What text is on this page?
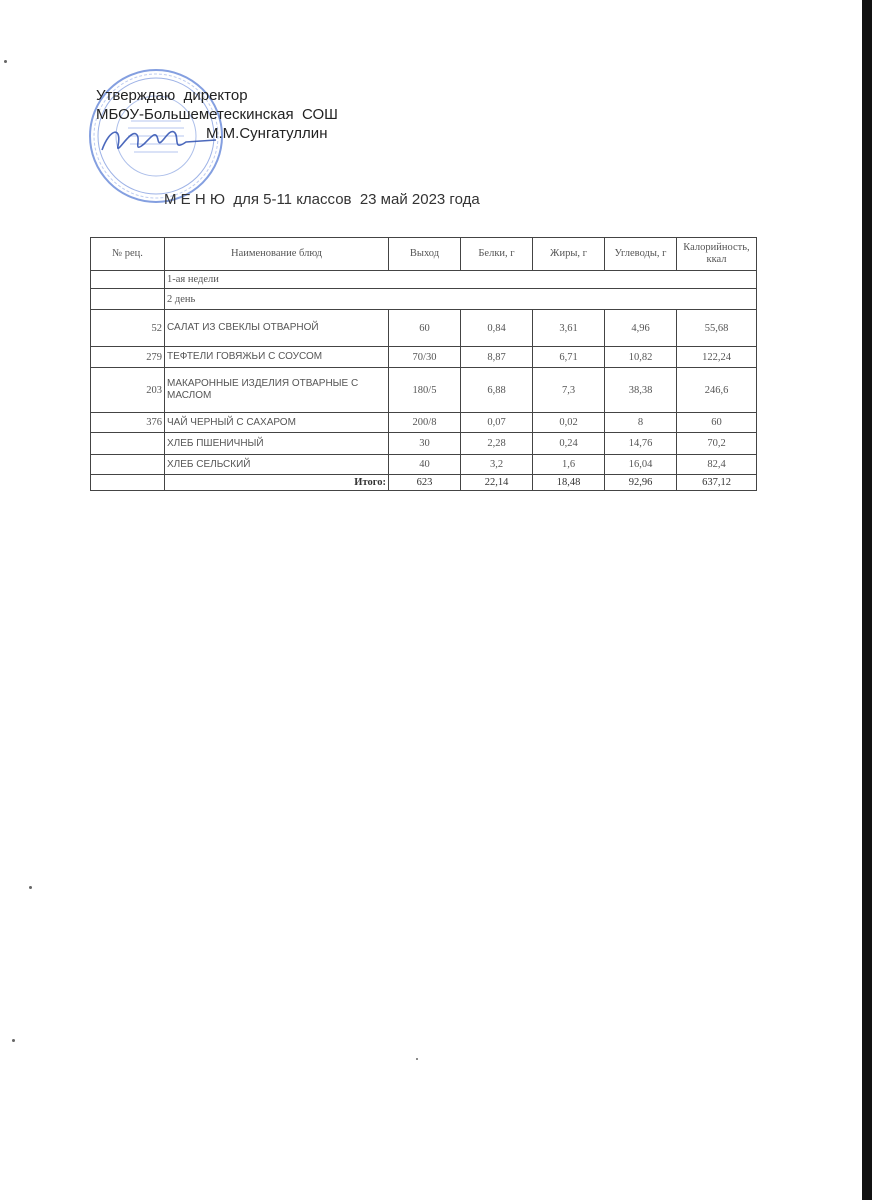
Утверждаю  директор
МБОУ-Большеметескинская  СОШ
М.М.Сунгатуллин
М Е Н Ю  для 5-11 классов  23 май 2023 года
№ рец.	Наименование блюд	Выход	Белки, г	Жиры, г	Углеводы, г	Калорийность, ккал
	1-ая недели					
	2 день					
52	САЛАТ ИЗ СВЕКЛЫ ОТВАРНОЙ	60	0,84	3,61	4,96	55,68
279	ТЕФТЕЛИ ГОВЯЖЬИ С СОУСОМ	70/30	8,87	6,71	10,82	122,24
203	МАКАРОННЫЕ ИЗДЕЛИЯ ОТВАРНЫЕ С МАСЛОМ	180/5	6,88	7,3	38,38	246,6
376	ЧАЙ ЧЕРНЫЙ С САХАРОМ	200/8	0,07	0,02	8	60
	ХЛЕБ ПШЕНИЧНЫЙ	30	2,28	0,24	14,76	70,2
	ХЛЕБ СЕЛЬСКИЙ	40	3,2	1,6	16,04	82,4
	Итого:	623	22,14	18,48	92,96	637,12
